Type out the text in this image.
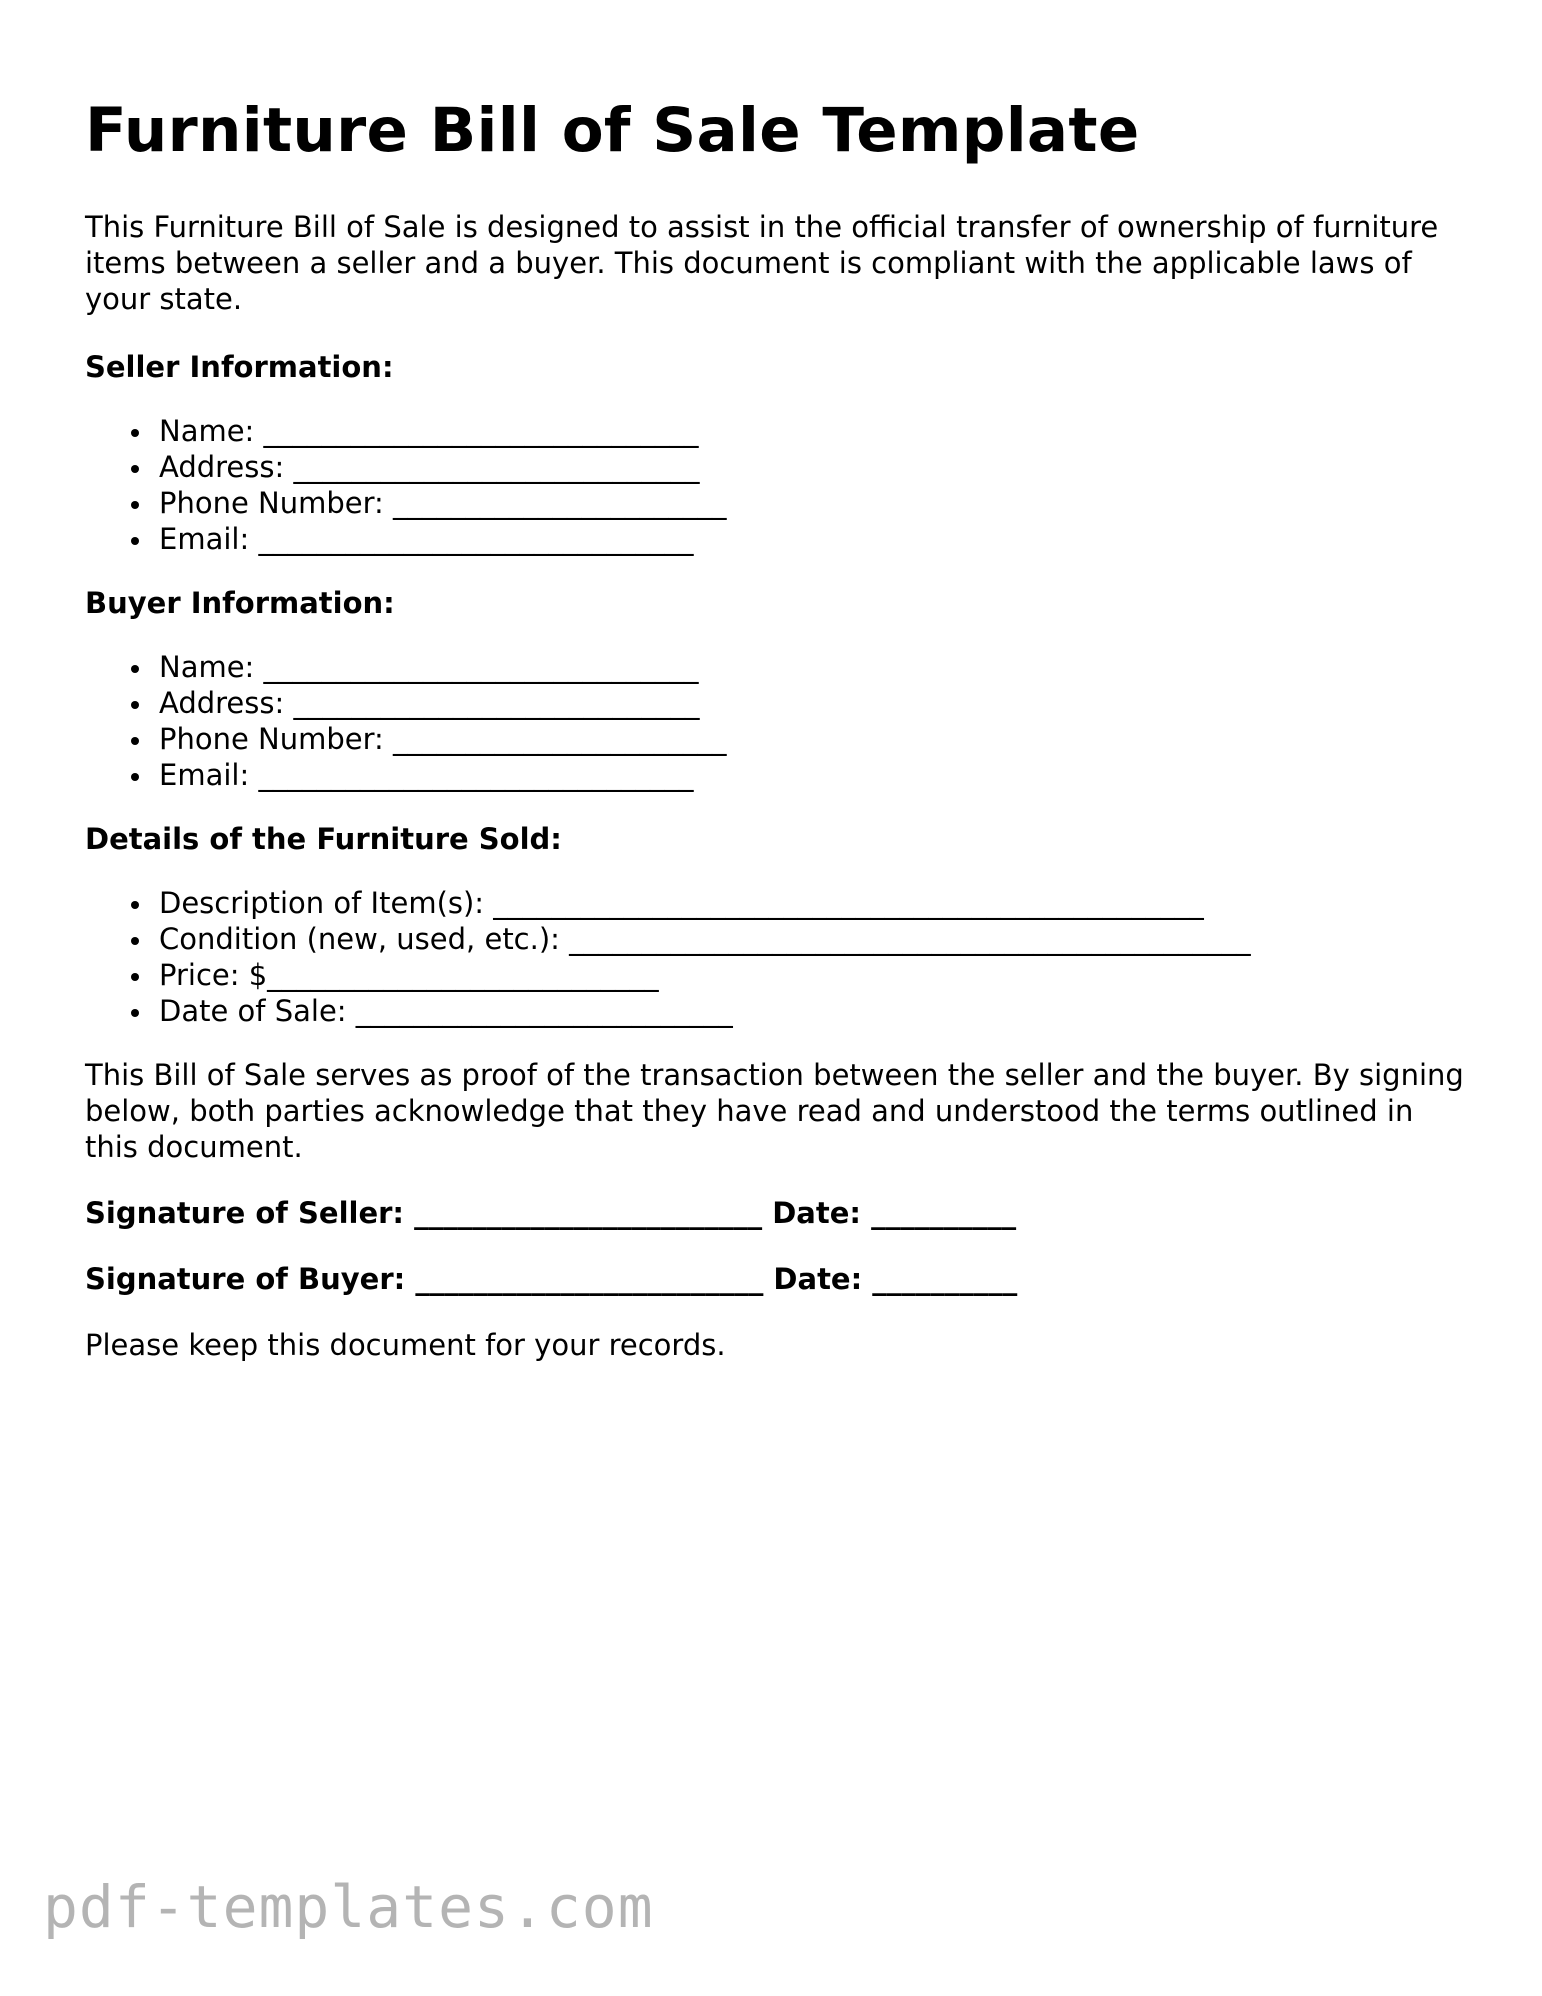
Furniture Bill of Sale Template

This Furniture Bill of Sale is designed to assist in the official transfer of ownership of furniture items between a seller and a buyer. This document is compliant with the applicable laws of your state.

Seller Information:
Name: ______________________________
Address: ____________________________
Phone Number: _______________________
Email: ______________________________
Buyer Information:
Name: ______________________________
Address: ____________________________
Phone Number: _______________________
Email: ______________________________
Details of the Furniture Sold:
Description of Item(s): _________________________________________________
Condition (new, used, etc.): _______________________________________________
Price: $___________________________
Date of Sale: __________________________

This Bill of Sale serves as proof of the transaction between the seller and the buyer. By signing below, both parties acknowledge that they have read and understood the terms outlined in this document.

Signature of Seller: ________________________ Date: __________
Signature of Buyer: ________________________ Date: __________

Please keep this document for your records.

pdf-templates.com
